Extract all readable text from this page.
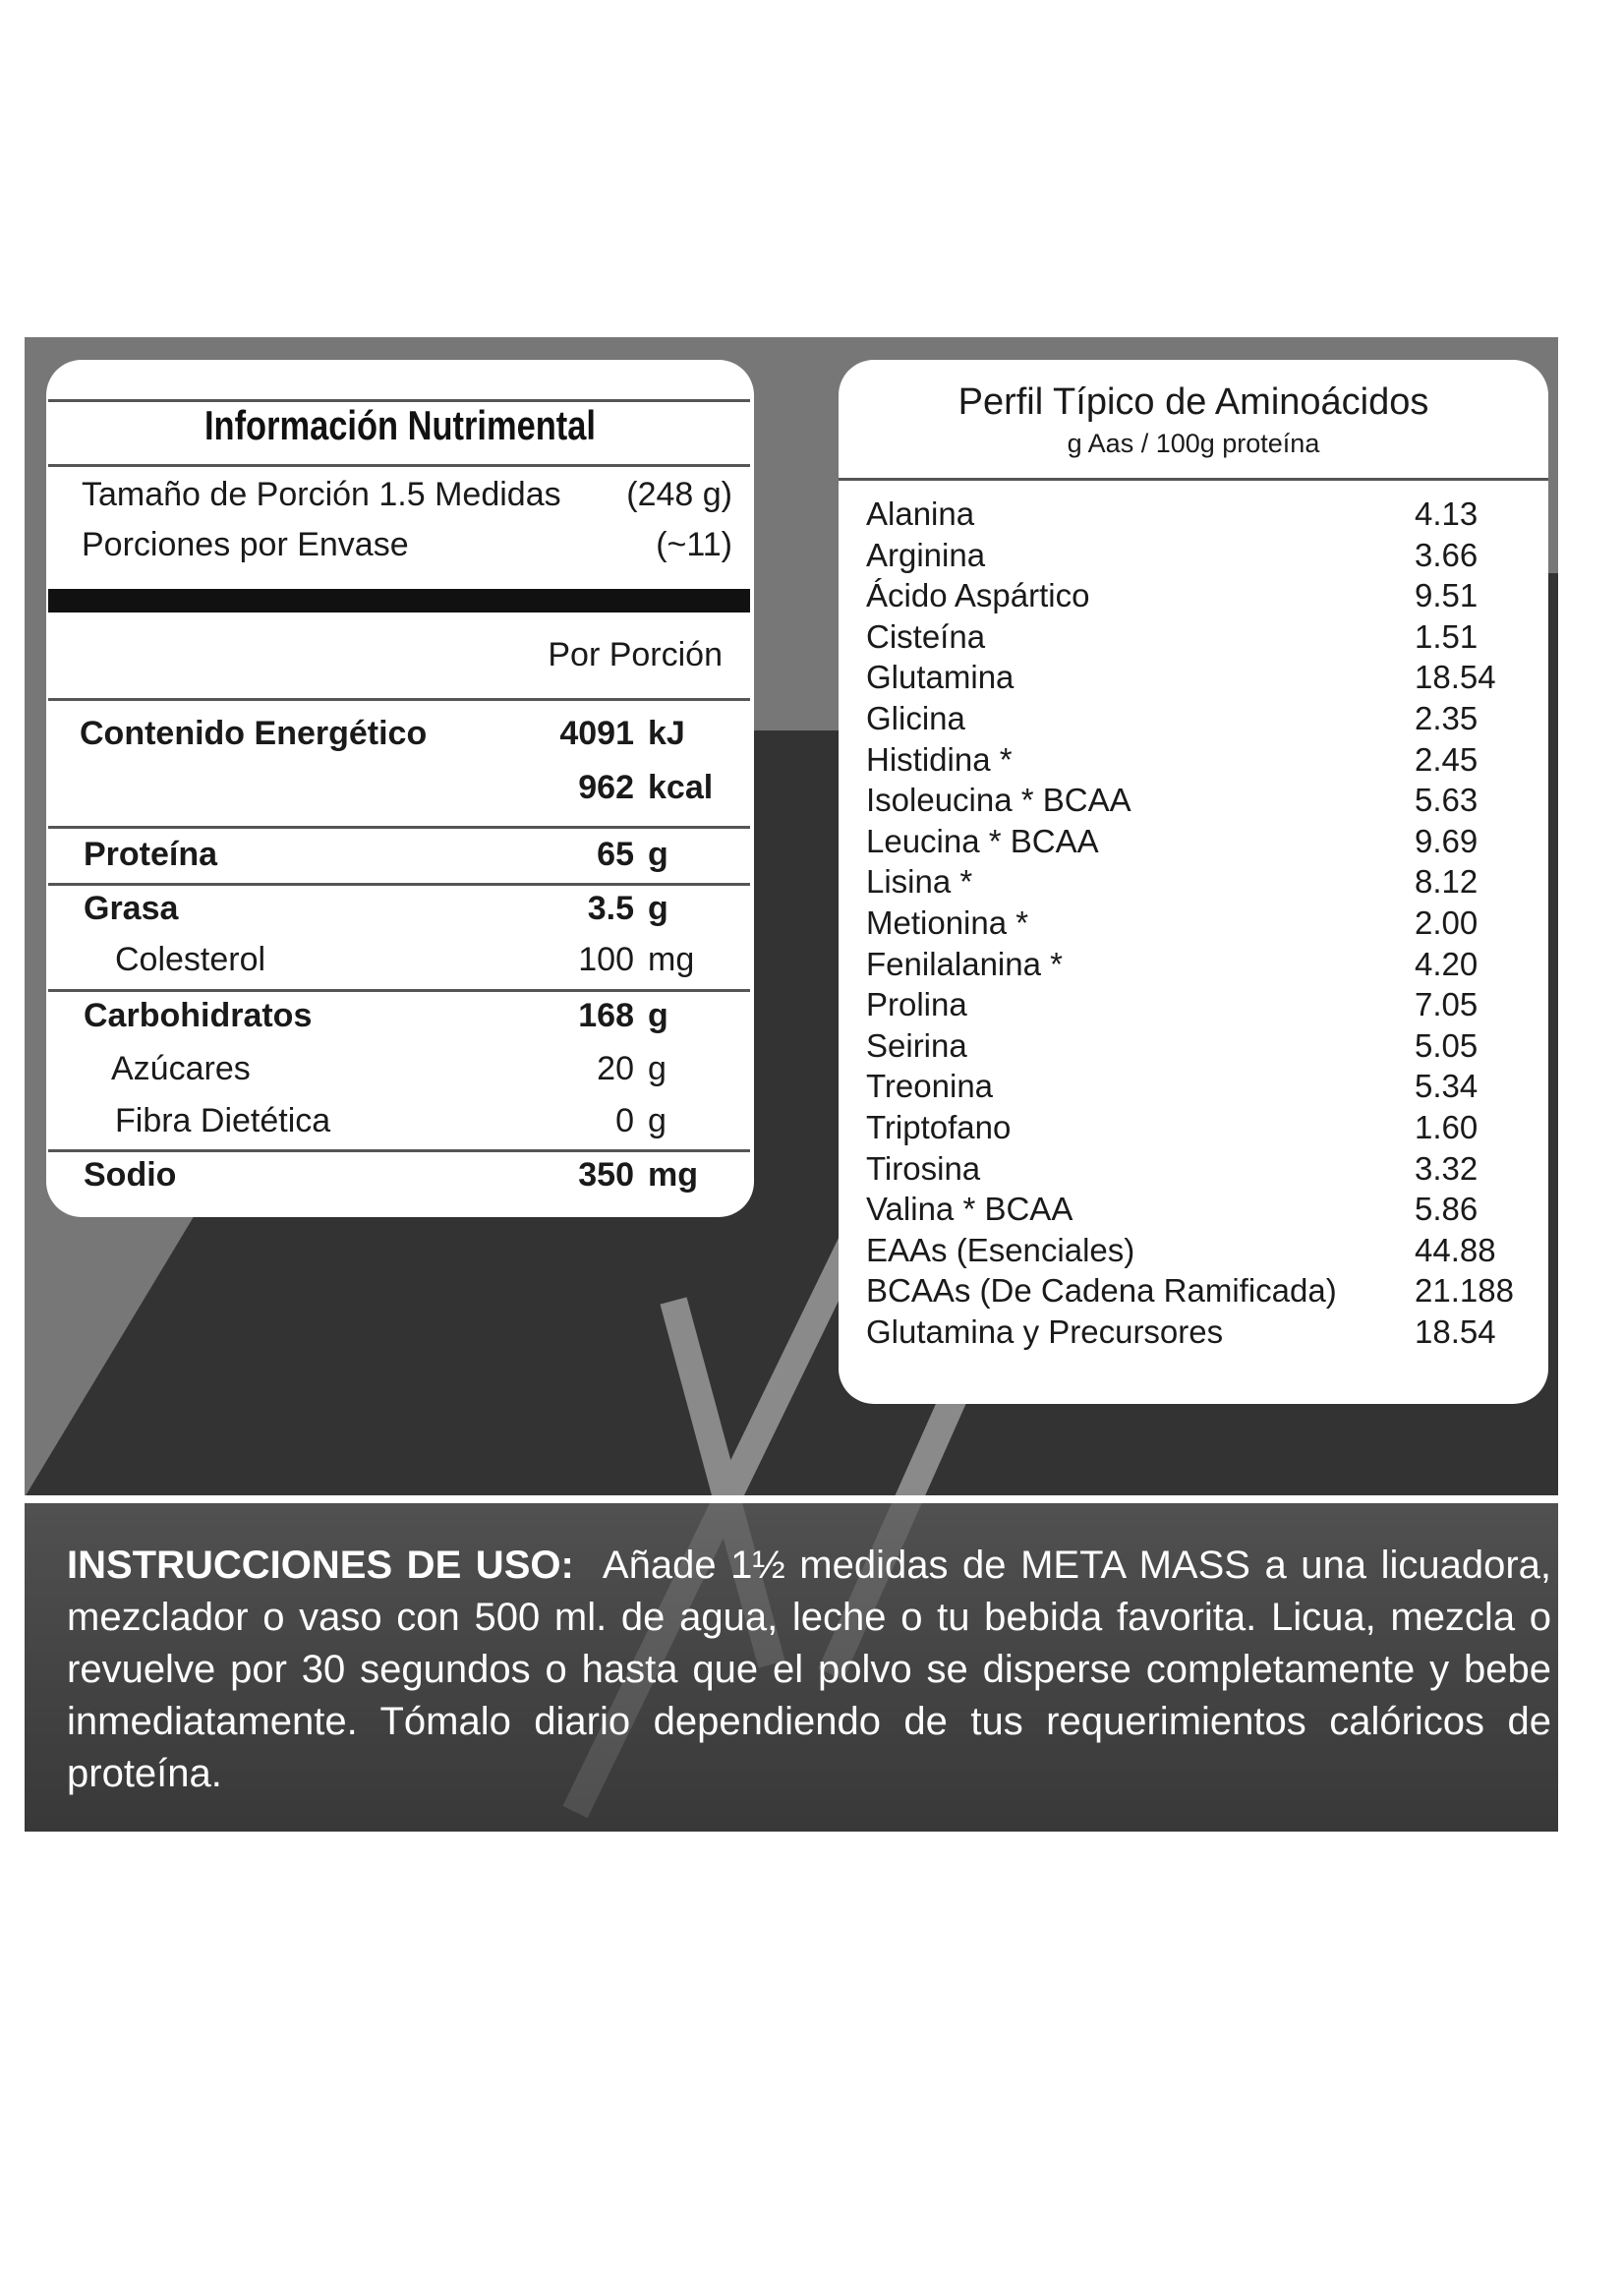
Información Nutrimental
Tamaño de Porción 1.5 Medidas (248 g)
Porciones por Envase	(~11)
Por Porción
Contenido Energético	4091 kJ
962 kcal
Proteína	65 g
Grasa	3.5 g
Colesterol	100 mg
Carbohidratos	168 g
Azúcares	20 g
Fibra Dietética	0 g
Sodio	350 mg
Perfil Típico de Aminoácidos
g Aas / 100g proteína
Alanina	4.13
Arginina	3.66
Ácido Aspártico	9.51
Cisteína	1.51
Glutamina	18.54
Glicina	2.35
Histidina *	2.45
Isoleucina * BCAA	5.63
Leucina * BCAA	9.69
Lisina *	8.12
Metionina *	2.00
Fenilalanina *	4.20
Prolina	7.05
Seirina	5.05
Treonina	5.34
Triptofano	1.60
Tirosina	3.32
Valina * BCAA	5.86
EAAs (Esenciales)	44.88
BCAAs (De Cadena Ramificada) 21.188
Glutamina y Precursores	18.54
INSTRUCCIONES DE USO: Añade 1½ medidas de META MASS a una licuadora, mezclador o vaso con 500 ml. de agua, leche o tu bebida favorita. Licua, mezcla o revuelve por 30 segundos o hasta que el polvo se disperse completamente y bebe inmediatamente. Tómalo diario dependiendo de tus requerimientos calóricos de proteína.
